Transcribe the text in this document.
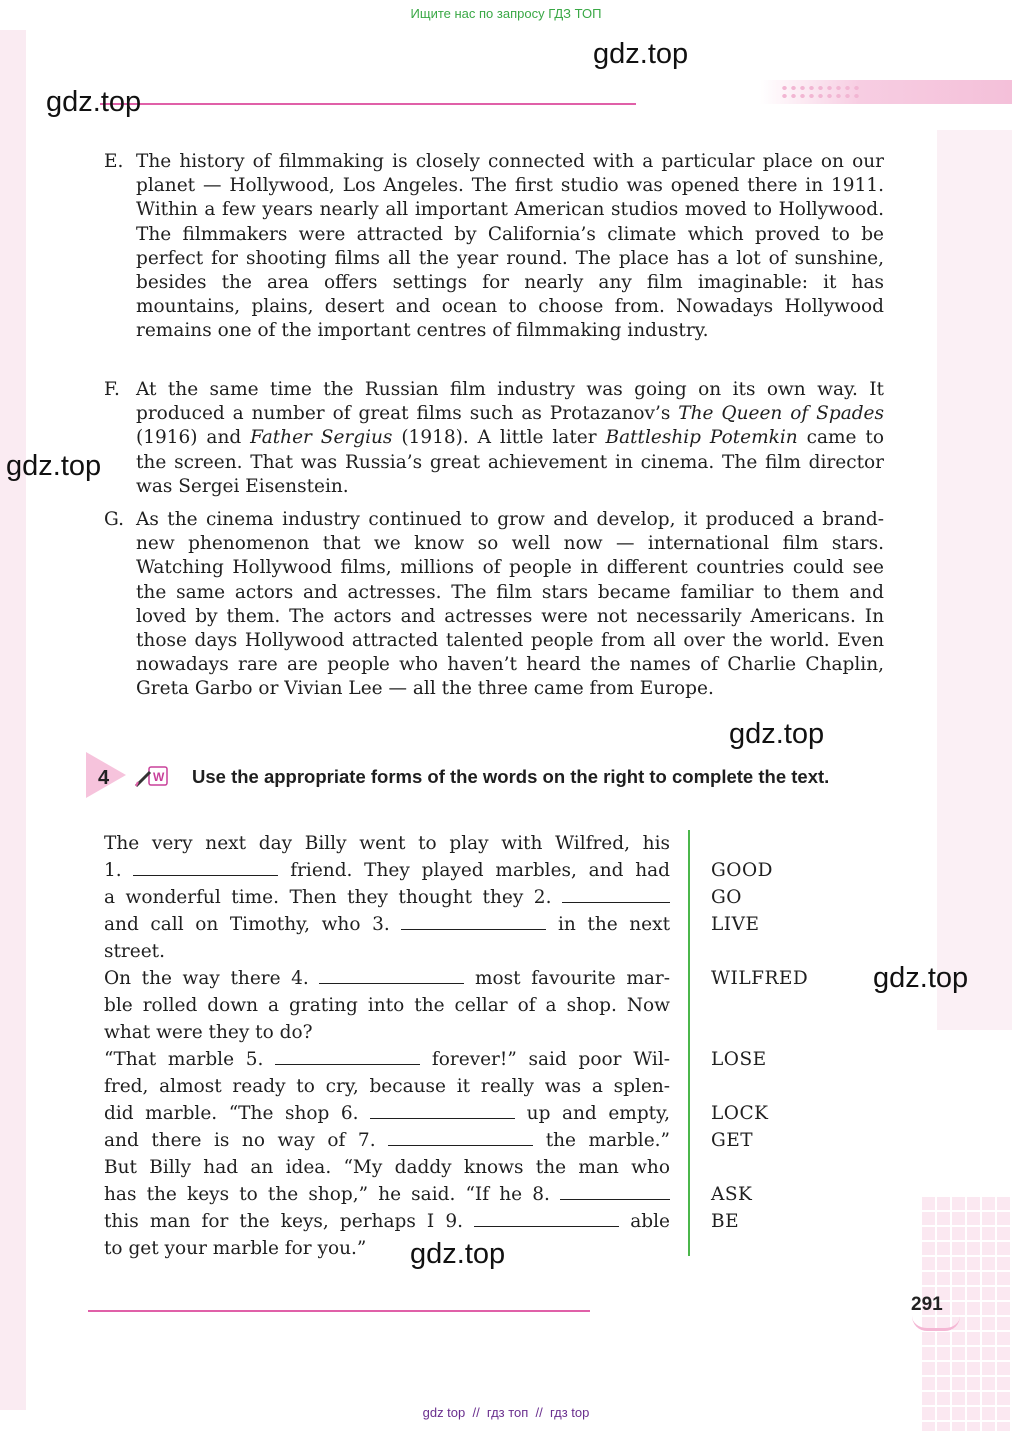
Ищите нас по запросу ГДЗ ТОП
gdz.top
gdz.top
gdz.top
gdz.top
gdz.top
gdz.top
E. The history of filmmaking is closely connected with a particular place on our planet — Hollywood, Los Angeles. The first studio was opened there in 1911. Within a few years nearly all important American studios moved to Hollywood. The filmmakers were attracted by California’s climate which proved to be perfect for shooting films all the year round. The place has a lot of sunshine, besides the area offers settings for nearly any film imaginable: it has mountains, plains, desert and ocean to choose from. Nowadays Hollywood remains one of the important centres of filmmaking industry.
F. At the same time the Russian film industry was going on its own way. It produced a number of great films such as Protazanov’s The Queen of Spades (1916) and Father Sergius (1918). A little later Battleship Potemkin came to the screen. That was Russia’s great achievement in cinema. The film director was Sergei Eisenstein.
G. As the cinema industry continued to grow and develop, it produced a brand-new phenomenon that we know so well now — international film stars. Watching Hollywood films, millions of people in different countries could see the same actors and actresses. The film stars became familiar to them and loved by them. The actors and actresses were not necessarily Americans. In those days Hollywood attracted talented people from all over the world. Even nowadays rare are people who haven’t heard the names of Charlie Chaplin, Greta Garbo or Vivian Lee — all the three came from Europe.
4	W Use the appropriate forms of the words on the right to complete the text.
The very next day Billy went to play with Wilfred, his
1.	friend. They played marbles, and had
a wonderful time. Then they thought they 2.
and call on Timothy, who 3.	in the next
street.
On the way there 4.	most favourite mar-
ble rolled down a grating into the cellar of a shop. Now
what were they to do?
“That marble 5.	forever!” said poor Wil-
fred, almost ready to cry, because it really was a splen-
did marble. “The shop 6.	up and empty,
and there is no way of 7.	the marble.”
But Billy had an idea. “My daddy knows the man who
has the keys to the shop,” he said. “If he 8.
this man for the keys, perhaps I 9.	able
to get your marble for you.”
GOOD
GO
LIVE
WILFRED
LOSE
LOCK
GET
ASK
BE
291
gdz top  //  гдз топ  //  гдз top
